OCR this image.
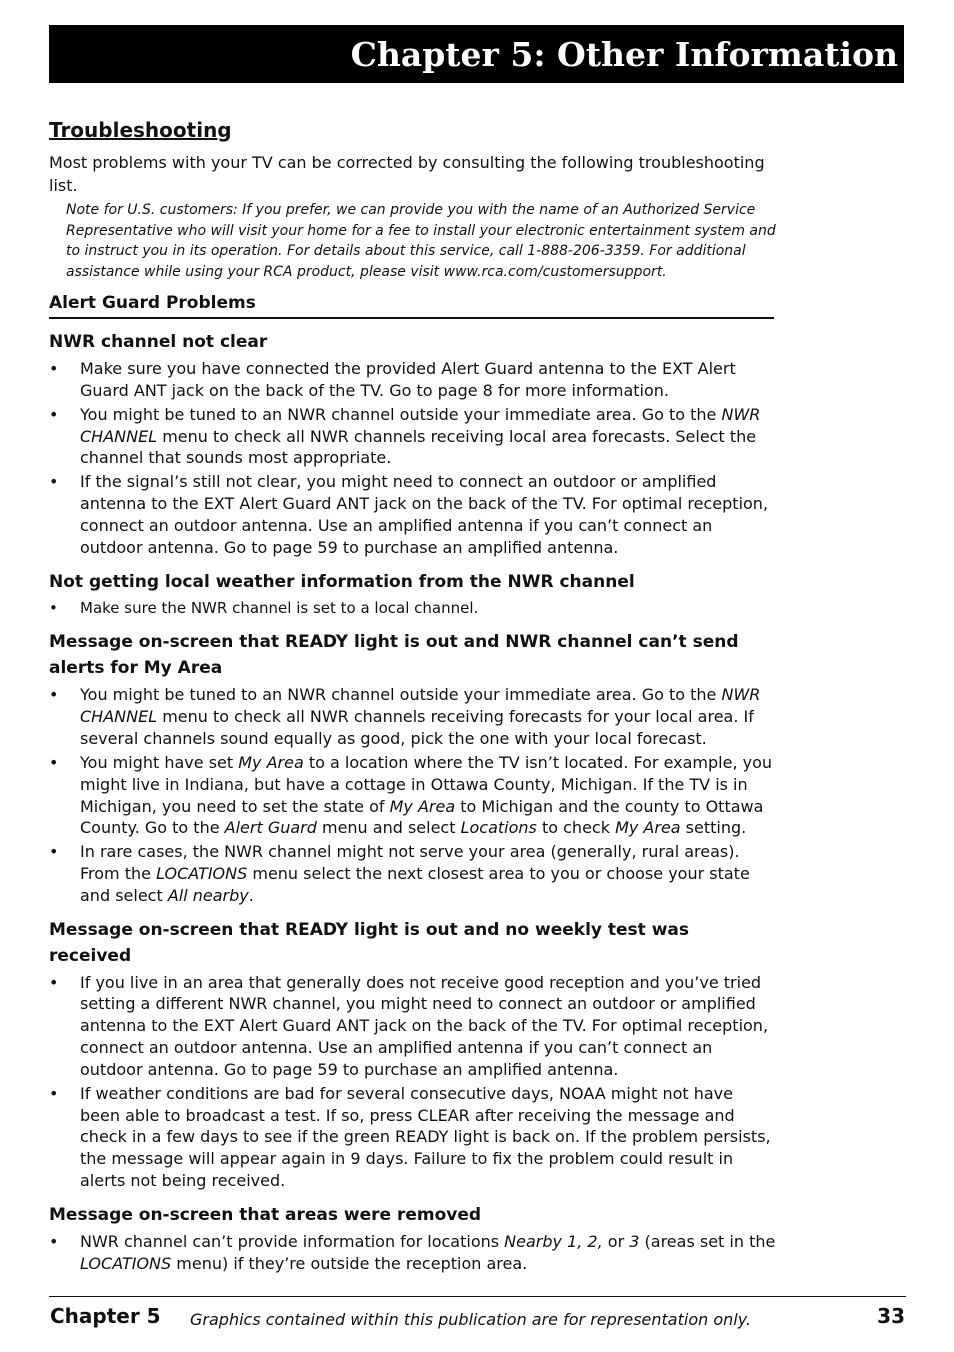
Chapter 5: Other Information
Troubleshooting

Most problems with your TV can be corrected by consulting the following troubleshooting list.

Note for U.S. customers: If you prefer, we can provide you with the name of an Authorized Service Representative who will visit your home for a fee to install your electronic entertainment system and to instruct you in its operation. For details about this service, call 1-888-206-3359. For additional assistance while using your RCA product, please visit www.rca.com/customersupport.

Alert Guard Problems
NWR channel not clear
• Make sure you have connected the provided Alert Guard antenna to the EXT Alert Guard ANT jack on the back of the TV. Go to page 8 for more information.
• You might be tuned to an NWR channel outside your immediate area. Go to the NWR CHANNEL menu to check all NWR channels receiving local area forecasts. Select the channel that sounds most appropriate.
• If the signal’s still not clear, you might need to connect an outdoor or amplified antenna to the EXT Alert Guard ANT jack on the back of the TV. For optimal reception, connect an outdoor antenna. Use an amplified antenna if you can’t connect an outdoor antenna. Go to page 59 to purchase an amplified antenna.
Not getting local weather information from the NWR channel
• Make sure the NWR channel is set to a local channel.
Message on-screen that READY light is out and NWR channel can’t send alerts for My Area
• You might be tuned to an NWR channel outside your immediate area. Go to the NWR CHANNEL menu to check all NWR channels receiving forecasts for your local area. If several channels sound equally as good, pick the one with your local forecast.
• You might have set My Area to a location where the TV isn’t located. For example, you might live in Indiana, but have a cottage in Ottawa County, Michigan. If the TV is in Michigan, you need to set the state of My Area to Michigan and the county to Ottawa County. Go to the Alert Guard menu and select Locations to check My Area setting.
• In rare cases, the NWR channel might not serve your area (generally, rural areas). From the LOCATIONS menu select the next closest area to you or choose your state and select All nearby.
Message on-screen that READY light is out and no weekly test was received
• If you live in an area that generally does not receive good reception and you’ve tried setting a different NWR channel, you might need to connect an outdoor or amplified antenna to the EXT Alert Guard ANT jack on the back of the TV. For optimal reception, connect an outdoor antenna. Use an amplified antenna if you can’t connect an outdoor antenna. Go to page 59 to purchase an amplified antenna.
• If weather conditions are bad for several consecutive days, NOAA might not have been able to broadcast a test. If so, press CLEAR after receiving the message and check in a few days to see if the green READY light is back on. If the problem persists, the message will appear again in 9 days. Failure to fix the problem could result in alerts not being received.
Message on-screen that areas were removed
• NWR channel can’t provide information for locations Nearby 1, 2, or 3 (areas set in the LOCATIONS menu) if they’re outside the reception area.
Chapter 5 Graphics contained within this publication are for representation only.	33
